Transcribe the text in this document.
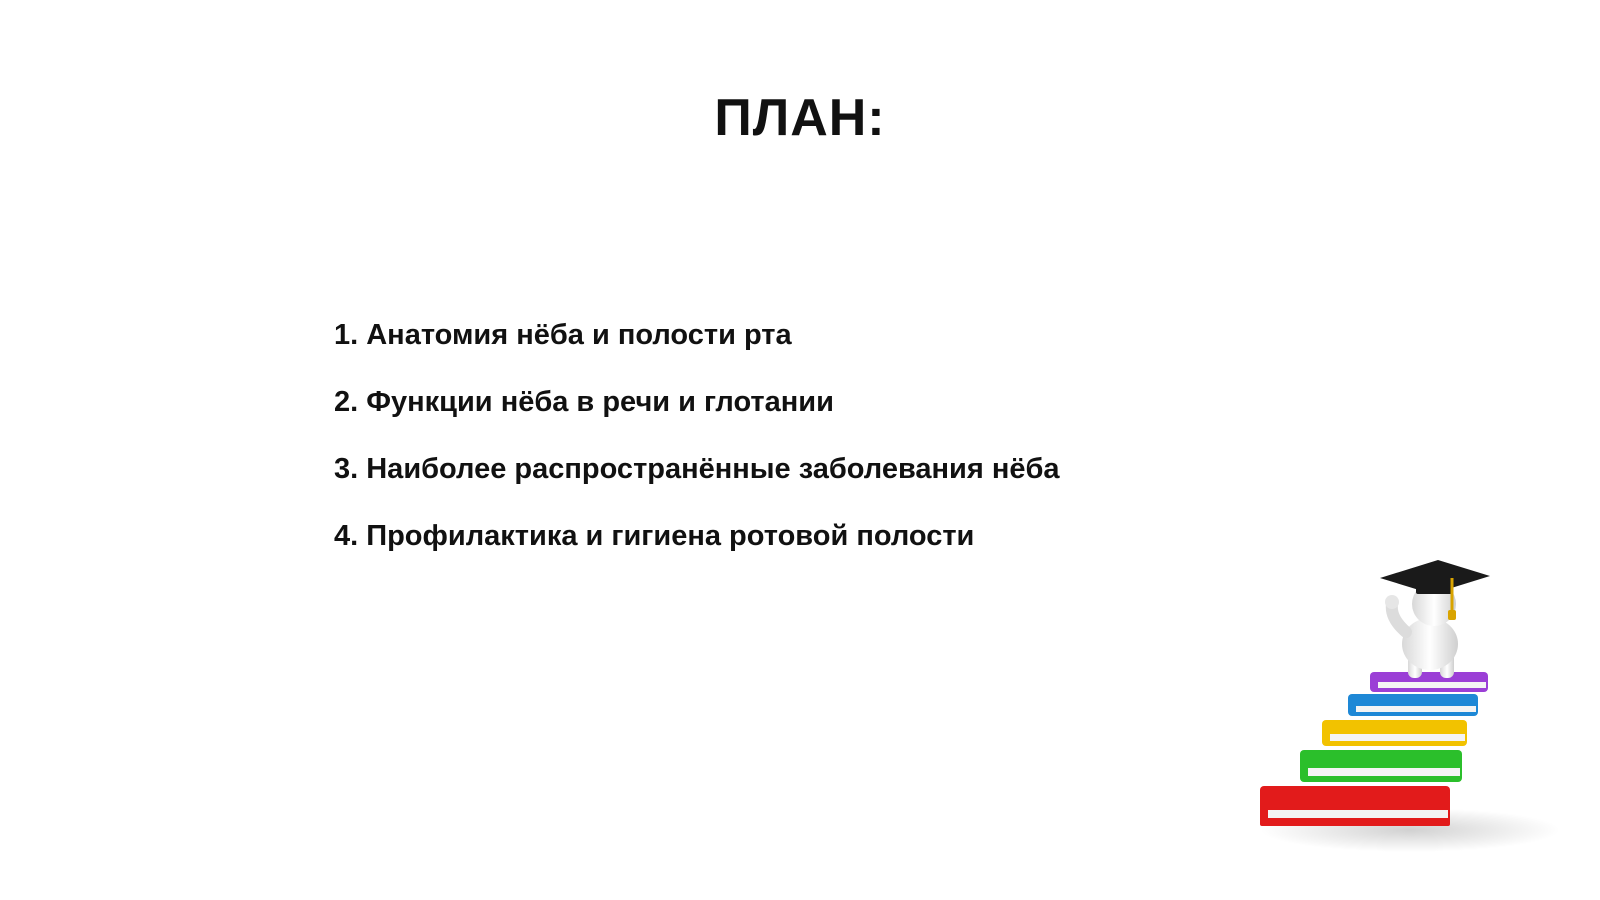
ПЛАН:
1. Анатомия нёба и полости рта
2. Функции нёба в речи и глотании
3. Наиболее распространённые заболевания нёба
4. Профилактика и гигиена ротовой полости
